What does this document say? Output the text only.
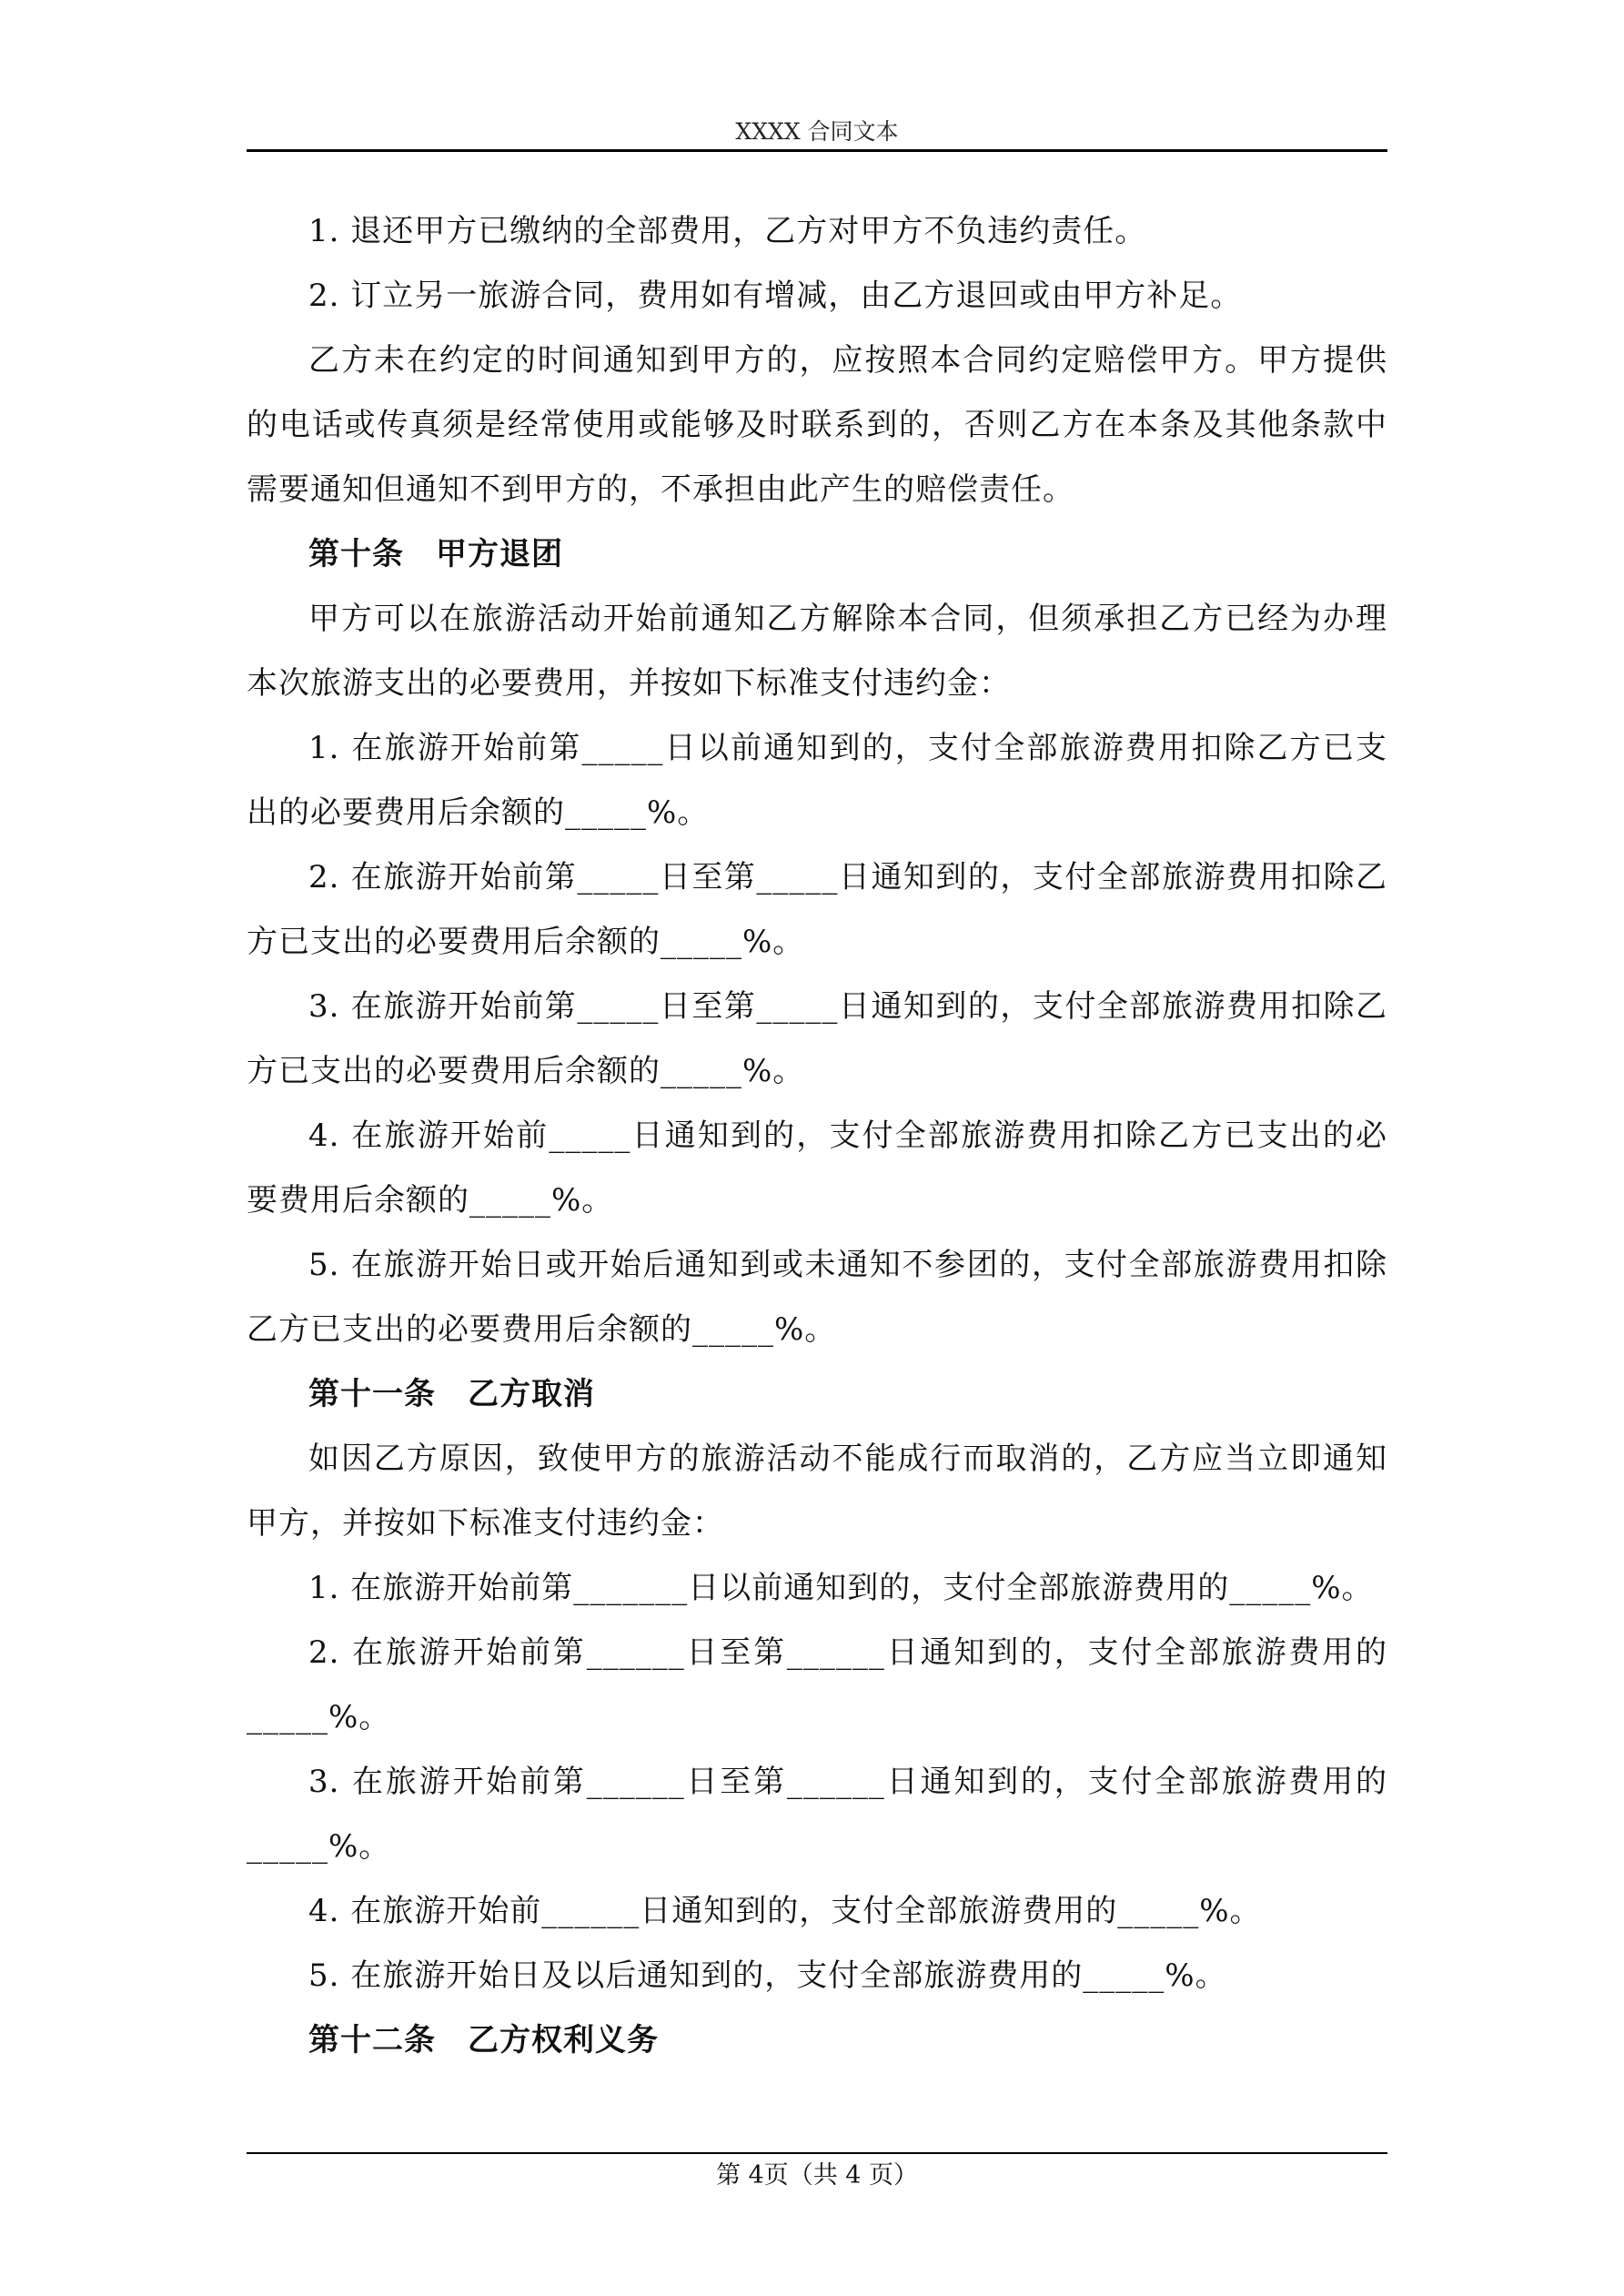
XXXX 合同文本

1. 退还甲方已缴纳的全部费用，乙方对甲方不负违约责任。

2. 订立另一旅游合同，费用如有增减，由乙方退回或由甲方补足。

乙方未在约定的时间通知到甲方的，应按照本合同约定赔偿甲方。甲方提供的电话或传真须是经常使用或能够及时联系到的，否则乙方在本条及其他条款中需要通知但通知不到甲方的，不承担由此产生的赔偿责任。

第十条　甲方退团

甲方可以在旅游活动开始前通知乙方解除本合同，但须承担乙方已经为办理本次旅游支出的必要费用，并按如下标准支付违约金：

1. 在旅游开始前第_____日以前通知到的，支付全部旅游费用扣除乙方已支出的必要费用后余额的_____%。

2. 在旅游开始前第_____日至第_____日通知到的，支付全部旅游费用扣除乙方已支出的必要费用后余额的_____%。

3. 在旅游开始前第_____日至第_____日通知到的，支付全部旅游费用扣除乙方已支出的必要费用后余额的_____%。

4. 在旅游开始前_____日通知到的，支付全部旅游费用扣除乙方已支出的必要费用后余额的_____%。

5. 在旅游开始日或开始后通知到或未通知不参团的，支付全部旅游费用扣除乙方已支出的必要费用后余额的_____%。

第十一条　乙方取消

如因乙方原因，致使甲方的旅游活动不能成行而取消的，乙方应当立即通知甲方，并按如下标准支付违约金：

1. 在旅游开始前第_______日以前通知到的，支付全部旅游费用的_____%。

2. 在旅游开始前第______日至第______日通知到的，支付全部旅游费用的_____%。

3. 在旅游开始前第______日至第______日通知到的，支付全部旅游费用的_____%。

4. 在旅游开始前______日通知到的，支付全部旅游费用的_____%。

5. 在旅游开始日及以后通知到的，支付全部旅游费用的_____%。

第十二条　乙方权利义务

第 4页（共 4 页）
